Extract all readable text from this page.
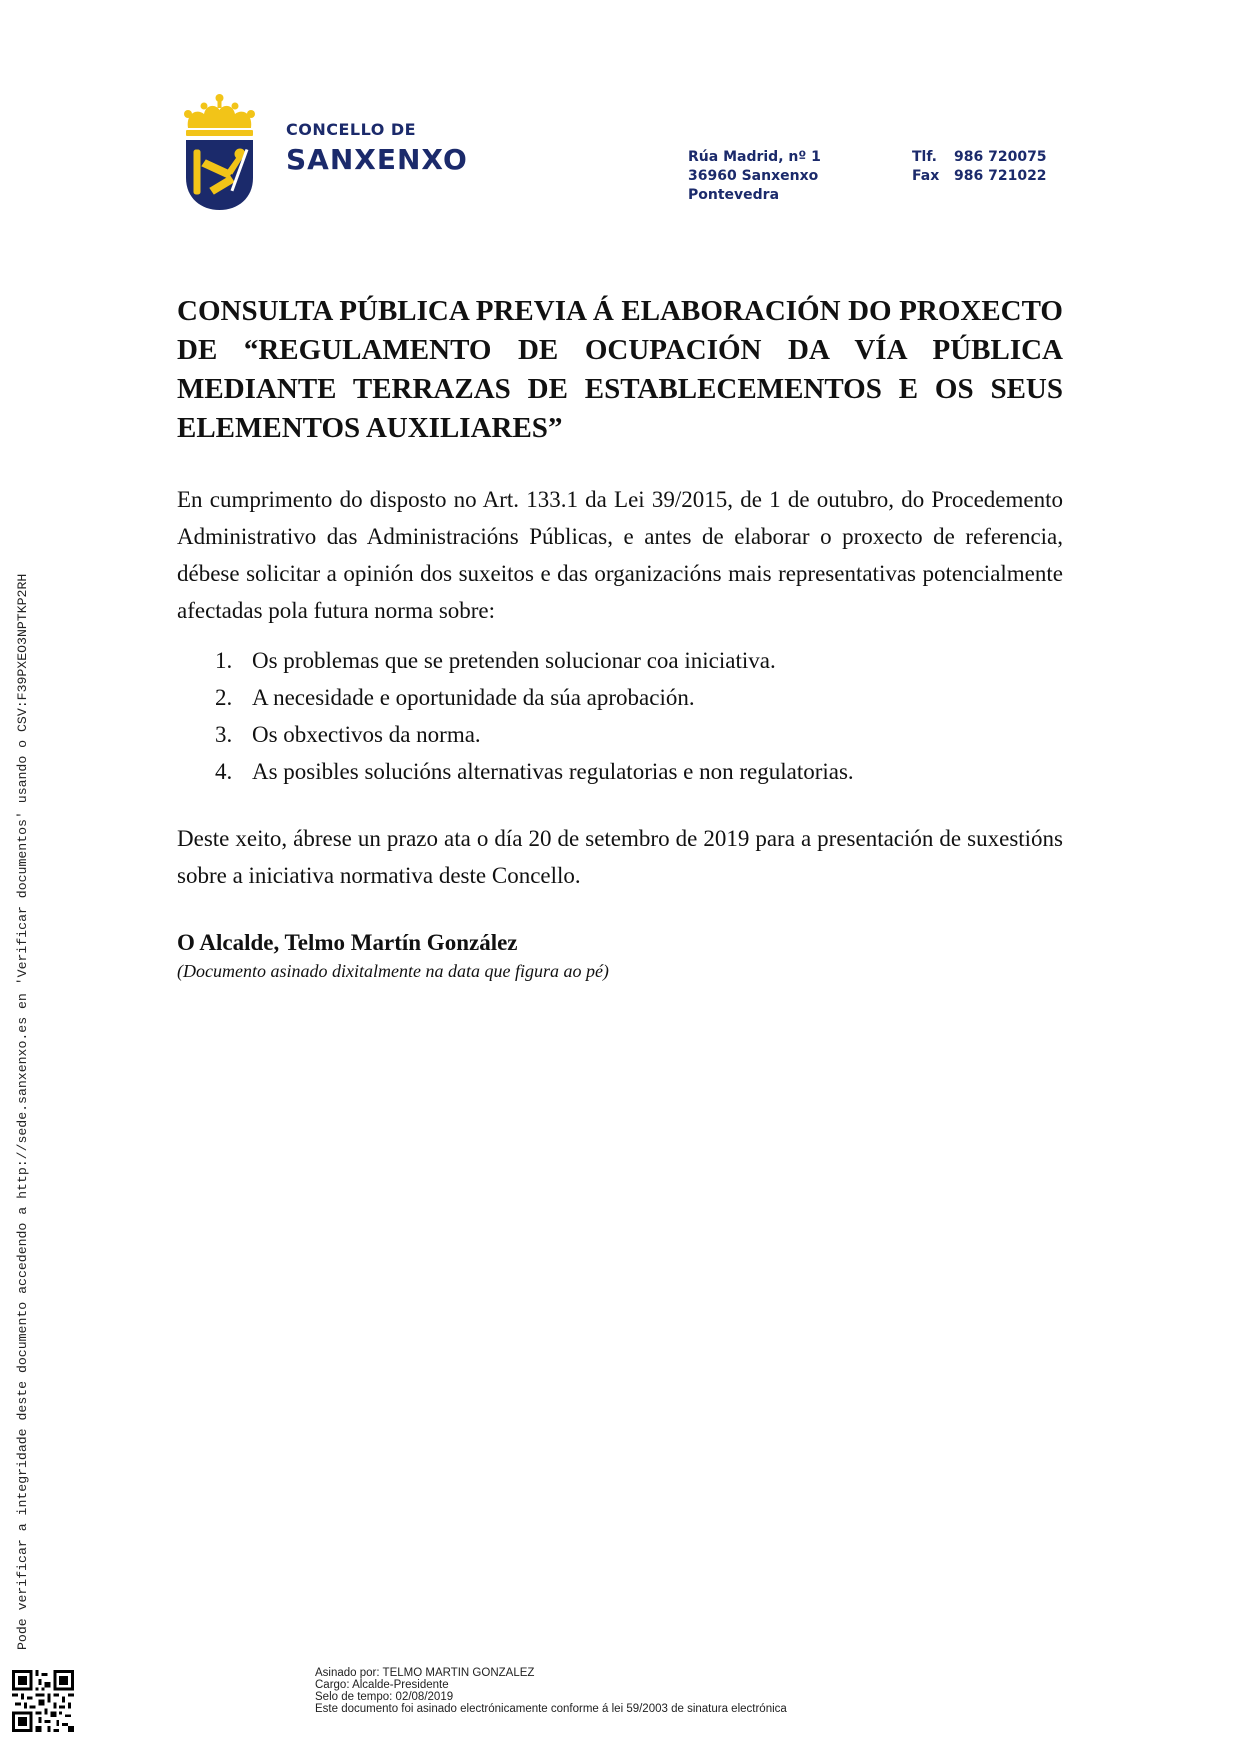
CONCELLO DE
SANXENXO	Rúa Madrid, nº 1
36960 Sanxenxo
Pontevedra
Tlf. 986 720075
Fax 986 721022

CONSULTA PÚBLICA PREVIA Á ELABORACIÓN DO PROXECTO DE “REGULAMENTO DE OCUPACIÓN DA VÍA PÚBLICA MEDIANTE TERRAZAS DE ESTABLECEMENTOS E OS SEUS ELEMENTOS AUXILIARES”

En cumprimento do disposto no Art. 133.1 da Lei 39/2015, de 1 de outubro, do Procedemento Administrativo das Administracións Públicas, e antes de elaborar o proxecto de referencia, débese solicitar a opinión dos suxeitos e das organizacións mais representativas potencialmente afectadas pola futura norma sobre:

1. Os problemas que se pretenden solucionar coa iniciativa.
2. A necesidade e oportunidade da súa aprobación.
3. Os obxectivos da norma.
4. As posibles solucións alternativas regulatorias e non regulatorias.

Deste xeito, ábrese un prazo ata o día 20 de setembro de 2019 para a presentación de suxestións sobre a iniciativa normativa deste Concello.

O Alcalde, Telmo Martín González
(Documento asinado dixitalmente na data que figura ao pé)
Pode verificar a integridade deste documento accedendo a http://sede.sanxenxo.es en 'Verificar documentos' usando o CSV:F39PXEO3NPTKP2RH
Asinado por: TELMO MARTIN GONZALEZ
Cargo: Alcalde-Presidente
Selo de tempo: 02/08/2019
Este documento foi asinado electrónicamente conforme á lei 59/2003 de sinatura electrónica
